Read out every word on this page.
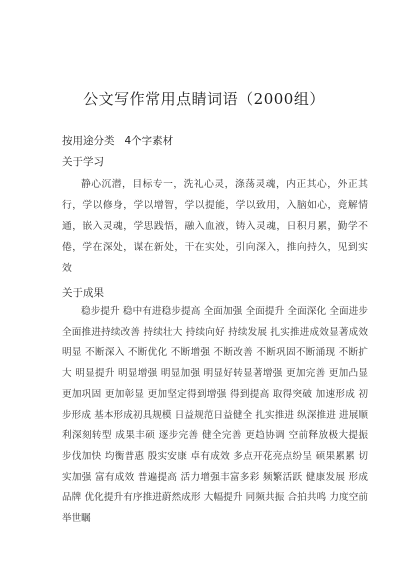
公文写作常用点睛词语（2000组）
按用途分类 4个字素材
关于学习
静心沉潜，目标专一，洗礼心灵，涤荡灵魂，内正其心，外正其行，学以修身，学以增智，学以提能，学以致用，入脑如心，竟解情通，嵌入灵魂，学思践悟，融入血液，铸入灵魂，日积月累，勤学不倦，学在深处，谋在新处，干在实处，引向深入，推向持久，见到实效
关于成果
稳步提升 稳中有进稳步提高 全面加强 全面提升 全面深化 全面进步 全面推进持续改善 持续壮大 持续向好 持续发展 扎实推进成效显著成效明显 不断深入 不断优化 不断增强 不断改善 不断巩固不断涌现 不断扩大 明显提升 明显增强 明显加强 明显好转显著增强 更加完善 更加凸显 更加巩固 更加彰显 更加坚定得到增强 得到提高 取得突破 加速形成 初步形成 基本形成初具规模 日益规范日益健全 扎实推进 纵深推进 进展顺利深刻转型 成果丰硕 逐步完善 健全完善 更趋协调 空前释放极大提振 步伐加快 均衡普惠 殷实安康 卓有成效 多点开花亮点纷呈 硕果累累 切实加强 富有成效 普遍提高 活力增强丰富多彩 频繁活跃 健康发展 形成品牌 优化提升有序推进蔚然成形 大幅提升 同频共振 合拍共鸣 力度空前 举世瞩
